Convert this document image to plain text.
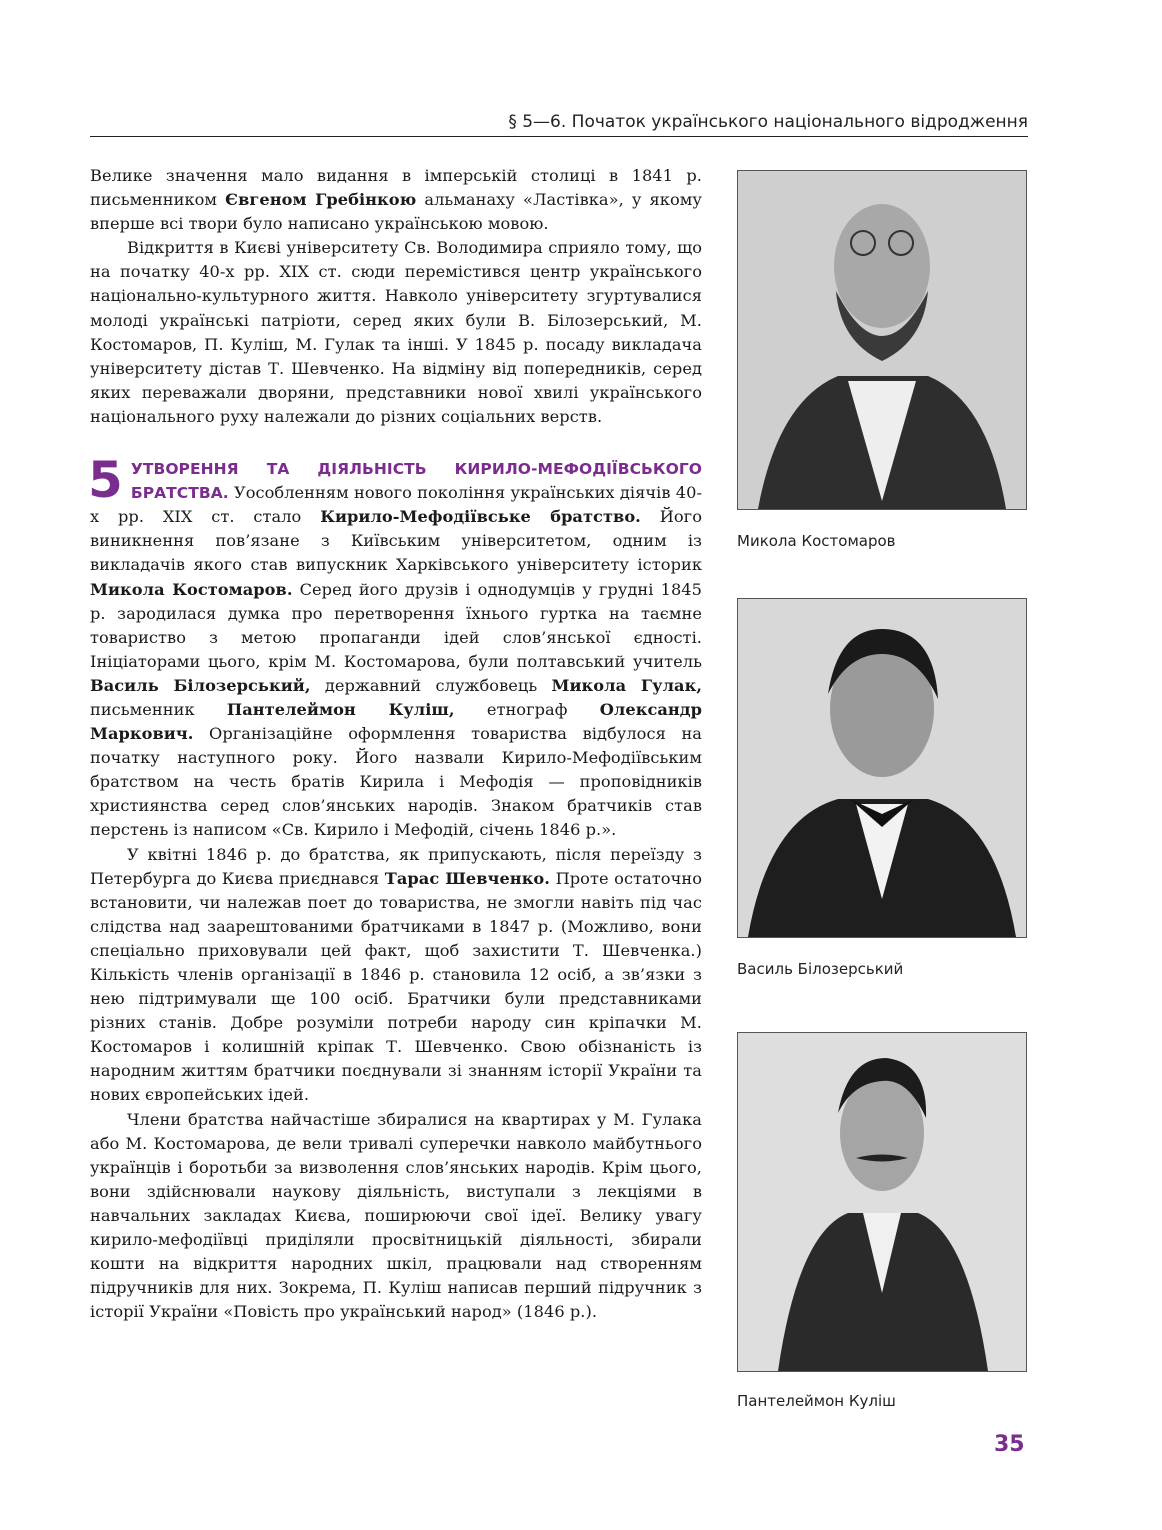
§ 5—6. Початок українського національного відродження

Велике значення мало видання в імперській столиці в 1841 р. письменником Євгеном Гребінкою альманаху «Ластівка», у якому вперше всі твори було написано українською мовою.

Відкриття в Києві університету Св. Володимира сприяло тому, що на початку 40-х рр. XIX ст. сюди перемістився центр українського національно-культурного життя. Навколо університету згуртувалися молоді українські патріоти, серед яких були В. Білозерський, М. Костомаров, П. Куліш, М. Гулак та інші. У 1845 р. посаду викладача університету дістав Т. Шевченко. На відміну від попередників, серед яких переважали дворяни, представники нової хвилі українського національного руху належали до різних соціальних верств.

5 УТВОРЕННЯ ТА ДІЯЛЬНІСТЬ КИРИЛО-МЕФОДІЇВСЬКОГО БРАТСТВА. Уособленням нового покоління українських діячів 40-х рр. XIX ст. стало Кирило-Мефодіївське братство. Його виникнення пов’язане з Київським університетом, одним із викладачів якого став випускник Харківського університету історик Микола Костомаров. Серед його друзів і однодумців у грудні 1845 р. зародилася думка про перетворення їхнього гуртка на таємне товариство з метою пропаганди ідей слов’янської єдності. Ініціаторами цього, крім М. Костомарова, були полтавський учитель Василь Білозерський, державний службовець Микола Гулак, письменник Пантелеймон Куліш, етнограф Олександр Маркович. Організаційне оформлення товариства відбулося на початку наступного року. Його назвали Кирило-Мефодіївським братством на честь братів Кирила і Мефодія — проповідників християнства серед слов’янських народів. Знаком братчиків став перстень із написом «Св. Кирило і Мефодій, січень 1846 р.».

У квітні 1846 р. до братства, як припускають, після переїзду з Петербурга до Києва приєднався Тарас Шевченко. Проте остаточно встановити, чи належав поет до товариства, не змогли навіть під час слідства над заарештованими братчиками в 1847 р. (Можливо, вони спеціально приховували цей факт, щоб захистити Т. Шевченка.) Кількість членів організації в 1846 р. становила 12 осіб, а зв’язки з нею підтримували ще 100 осіб. Братчики були представниками різних станів. Добре розуміли потреби народу син кріпачки М. Костомаров і колишній кріпак Т. Шевченко. Свою обізнаність із народним життям братчики поєднували зі знанням історії України та нових європейських ідей.

Члени братства найчастіше збиралися на квартирах у М. Гулака або М. Костомарова, де вели тривалі суперечки навколо майбутнього українців і боротьби за визволення слов’янських народів. Крім цього, вони здійснювали наукову діяльність, виступали з лекціями в навчальних закладах Києва, поширюючи свої ідеї. Велику увагу кирило-мефодіївці приділяли просвітницькій діяльності, збирали кошти на відкриття народних шкіл, працювали над створенням підручників для них. Зокрема, П. Куліш написав перший підручник з історії України «Повість про український народ» (1846 р.).

Микола Костомаров
Василь Білозерський
Пантелеймон Куліш
35
